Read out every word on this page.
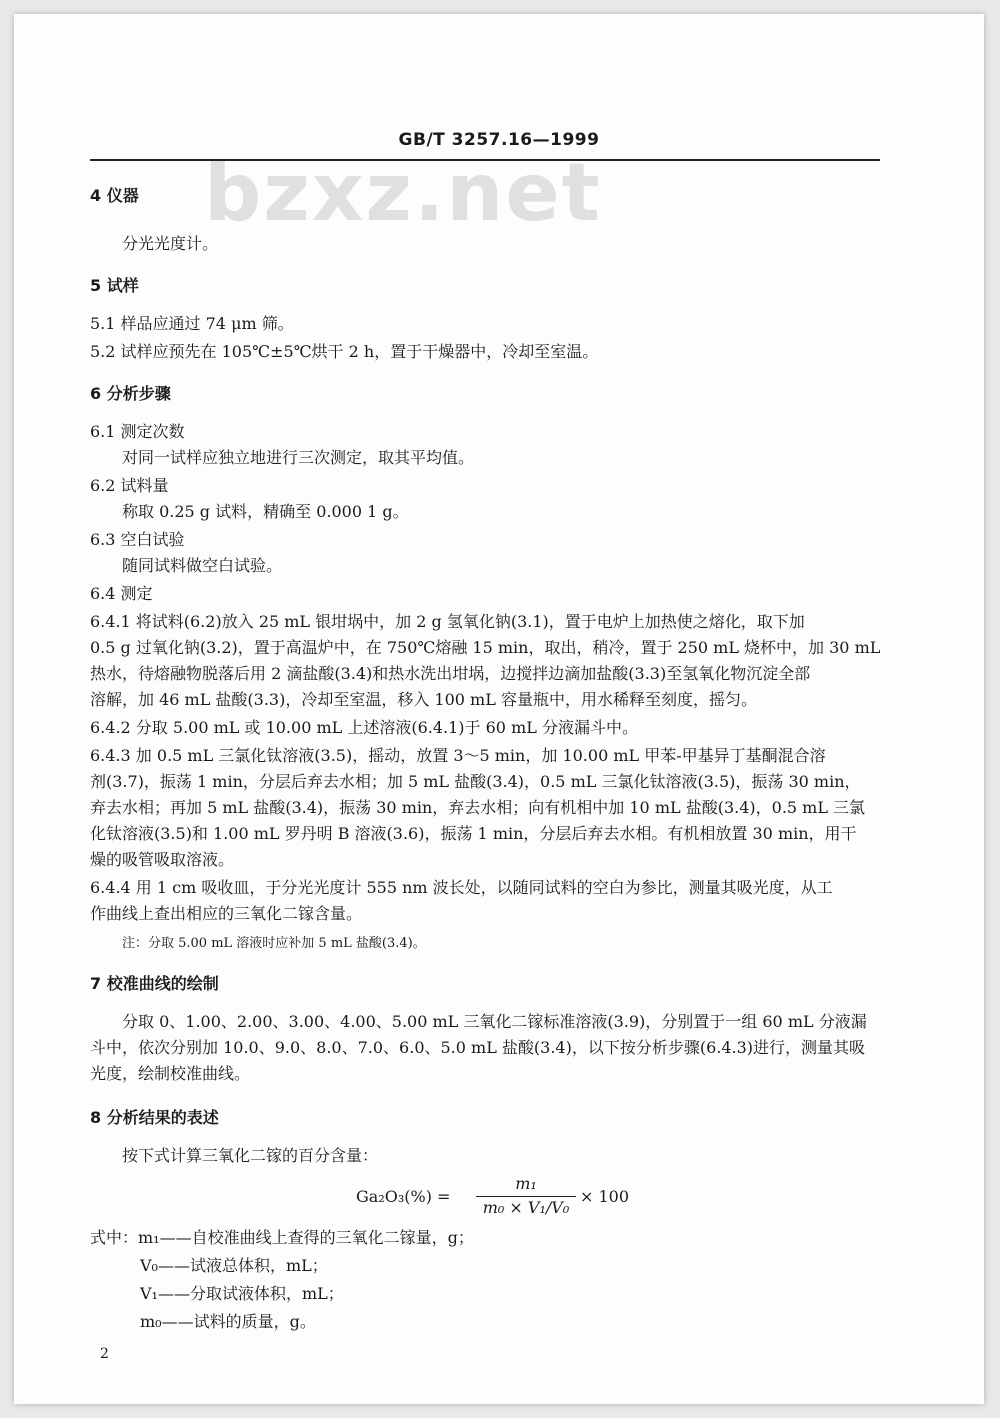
bzxz.net
GB/T 3257.16—1999
4 仪器
分光光度计。
5 试样
5.1 样品应通过 74 μm 筛。
5.2 试样应预先在 105℃±5℃烘干 2 h，置于干燥器中，冷却至室温。
6 分析步骤
6.1 测定次数
对同一试样应独立地进行三次测定，取其平均值。
6.2 试料量
称取 0.25 g 试料，精确至 0.000 1 g。
6.3 空白试验
随同试料做空白试验。
6.4 测定
6.4.1 将试料(6.2)放入 25 mL 银坩埚中，加 2 g 氢氧化钠(3.1)，置于电炉上加热使之熔化，取下加
0.5 g 过氧化钠(3.2)，置于高温炉中，在 750℃熔融 15 min，取出，稍冷，置于 250 mL 烧杯中，加 30 mL
热水，待熔融物脱落后用 2 滴盐酸(3.4)和热水洗出坩埚，边搅拌边滴加盐酸(3.3)至氢氧化物沉淀全部
溶解，加 46 mL 盐酸(3.3)，冷却至室温，移入 100 mL 容量瓶中，用水稀释至刻度，摇匀。
6.4.2 分取 5.00 mL 或 10.00 mL 上述溶液(6.4.1)于 60 mL 分液漏斗中。
6.4.3 加 0.5 mL 三氯化钛溶液(3.5)，摇动，放置 3～5 min，加 10.00 mL 甲苯-甲基异丁基酮混合溶
剂(3.7)，振荡 1 min，分层后弃去水相；加 5 mL 盐酸(3.4)，0.5 mL 三氯化钛溶液(3.5)，振荡 30 min，
弃去水相；再加 5 mL 盐酸(3.4)，振荡 30 min，弃去水相；向有机相中加 10 mL 盐酸(3.4)，0.5 mL 三氯
化钛溶液(3.5)和 1.00 mL 罗丹明 B 溶液(3.6)，振荡 1 min，分层后弃去水相。有机相放置 30 min，用干
燥的吸管吸取溶液。
6.4.4 用 1 cm 吸收皿，于分光光度计 555 nm 波长处，以随同试料的空白为参比，测量其吸光度，从工
作曲线上查出相应的三氧化二镓含量。
注：分取 5.00 mL 溶液时应补加 5 mL 盐酸(3.4)。
7 校准曲线的绘制
分取 0、1.00、2.00、3.00、4.00、5.00 mL 三氧化二镓标准溶液(3.9)，分别置于一组 60 mL 分液漏
斗中，依次分别加 10.0、9.0、8.0、7.0、6.0、5.0 mL 盐酸(3.4)，以下按分析步骤(6.4.3)进行，测量其吸
光度，绘制校准曲线。
8 分析结果的表述
按下式计算三氧化二镓的百分含量：
Ga₂O₃(%) =
m₁
m₀ × V₁/V₀
× 100
式中：m₁——自校准曲线上查得的三氧化二镓量，g；
V₀——试液总体积，mL；
V₁——分取试液体积，mL；
m₀——试料的质量，g。
2
